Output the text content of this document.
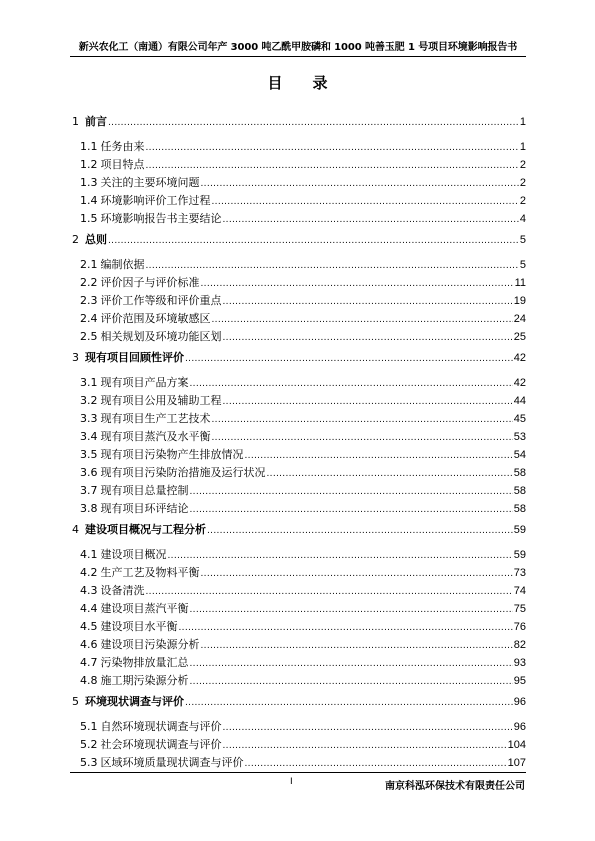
新兴农化工（南通）有限公司年产 3000 吨乙酰甲胺磷和 1000 吨善玉肥 1 号项目环境影响报告书
目 录
1 前言 .....	1
1.1 任务由来 .....	1
1.2 项目特点 .....	2
1.3 关注的主要环境问题 .....	2
1.4 环境影响评价工作过程 .....	2
1.5 环境影响报告书主要结论 .....	4
2 总则 .....	5
2.1 编制依据 .....	5
2.2 评价因子与评价标准 .....	11
2.3 评价工作等级和评价重点 .....	19
2.4 评价范围及环境敏感区 .....	24
2.5 相关规划及环境功能区划 .....	25
3 现有项目回顾性评价 .....	42
3.1 现有项目产品方案 .....	42
3.2 现有项目公用及辅助工程 .....	44
3.3 现有项目生产工艺技术 .....	45
3.4 现有项目蒸汽及水平衡 .....	53
3.5 现有项目污染物产生排放情况 .....	54
3.6 现有项目污染防治措施及运行状况 .....	58
3.7 现有项目总量控制 .....	58
3.8 现有项目环评结论 .....	58
4 建设项目概况与工程分析 .....	59
4.1 建设项目概况 .....	59
4.2 生产工艺及物料平衡 .....	73
4.3 设备清洗 .....	74
4.4 建设项目蒸汽平衡 .....	75
4.5 建设项目水平衡 .....	76
4.6 建设项目污染源分析 .....	82
4.7 污染物排放量汇总 .....	93
4.8 施工期污染源分析 .....	95
5 环境现状调查与评价 .....	96
5.1 自然环境现状调查与评价 .....	96
5.2 社会环境现状调查与评价 .....	104
5.3 区域环境质量现状调查与评价 .....	107
I	南京科泓环保技术有限责任公司
